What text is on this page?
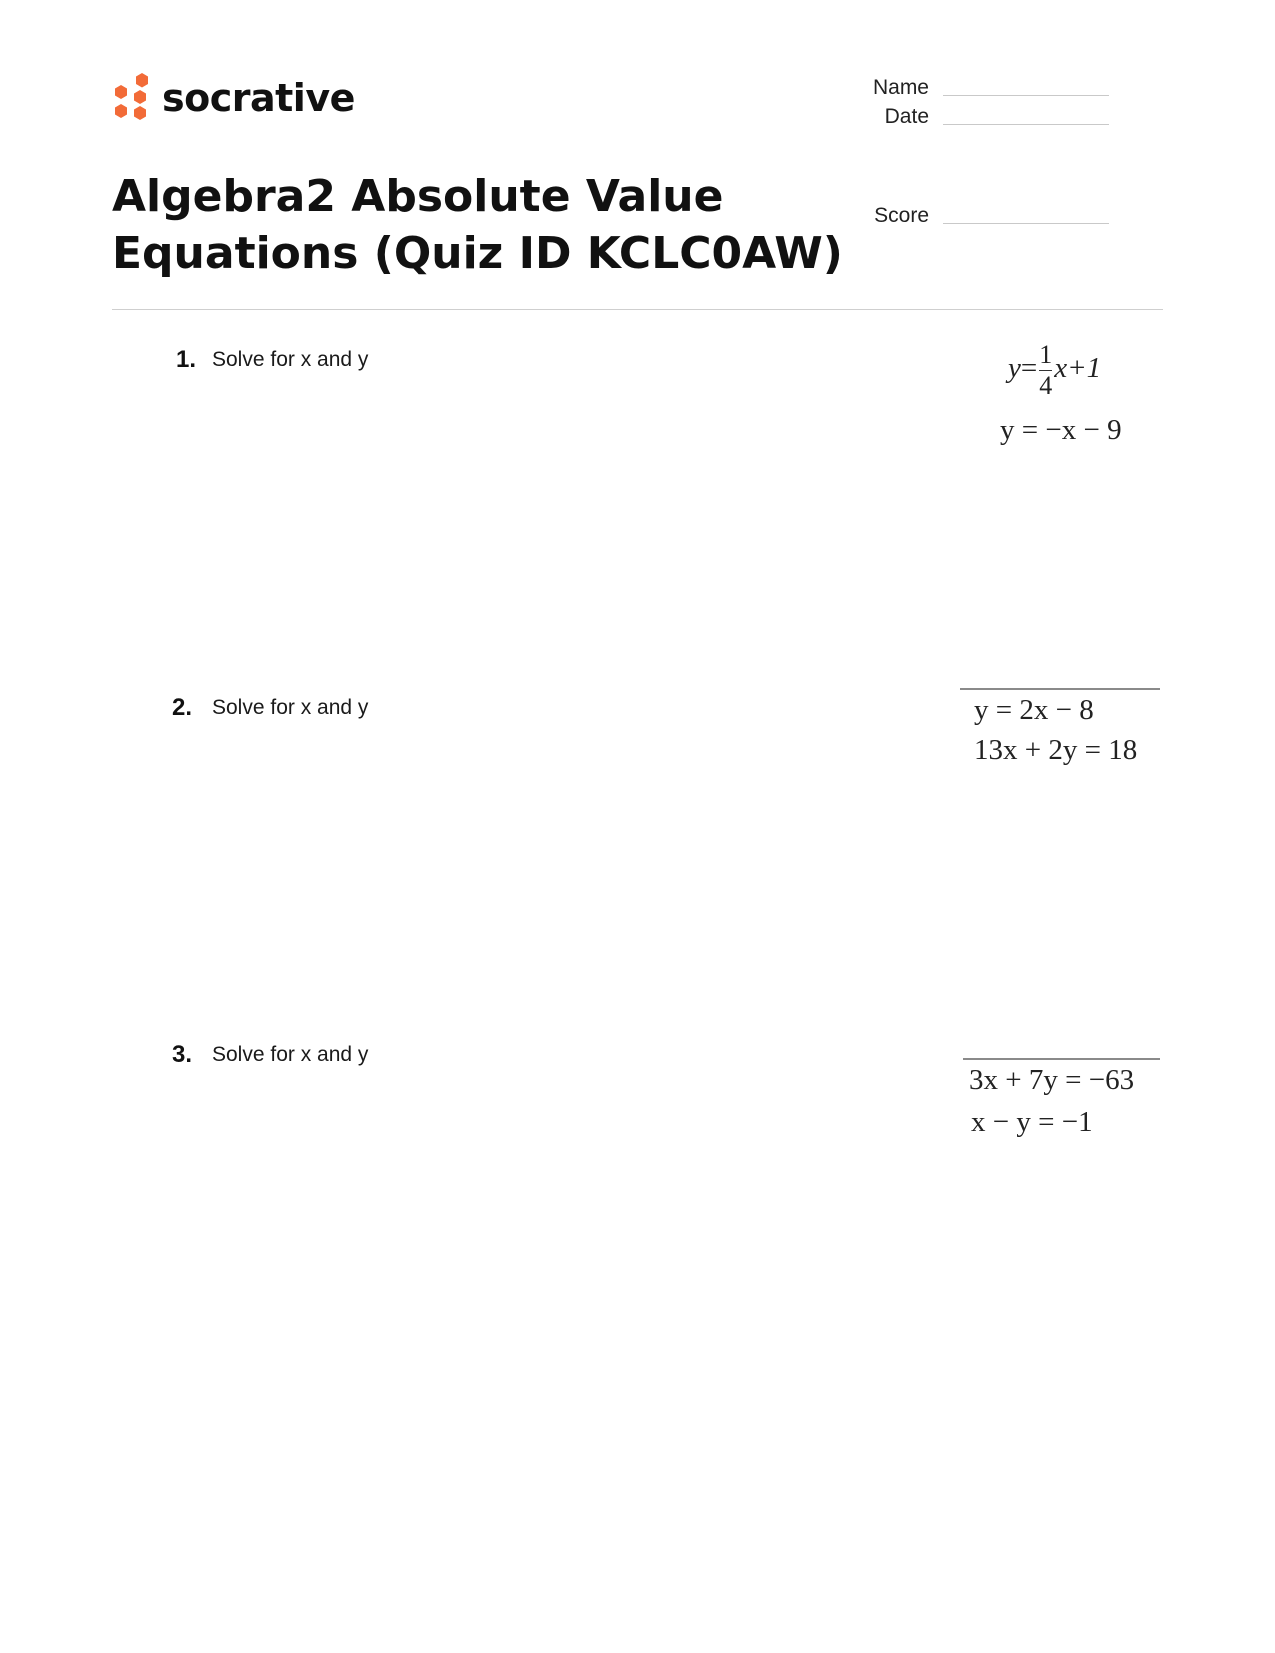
socrative	Name
Date
Score
Algebra2 Absolute Value Equations (Quiz ID KCLC0AW)
1. Solve for x and y	$y= \frac{1}{4} x+1$
y = −x − 9
2. Solve for x and y	y = 2x − 8
13x + 2y = 18
3. Solve for x and y
3x + 7y = −63
x − y = −1
